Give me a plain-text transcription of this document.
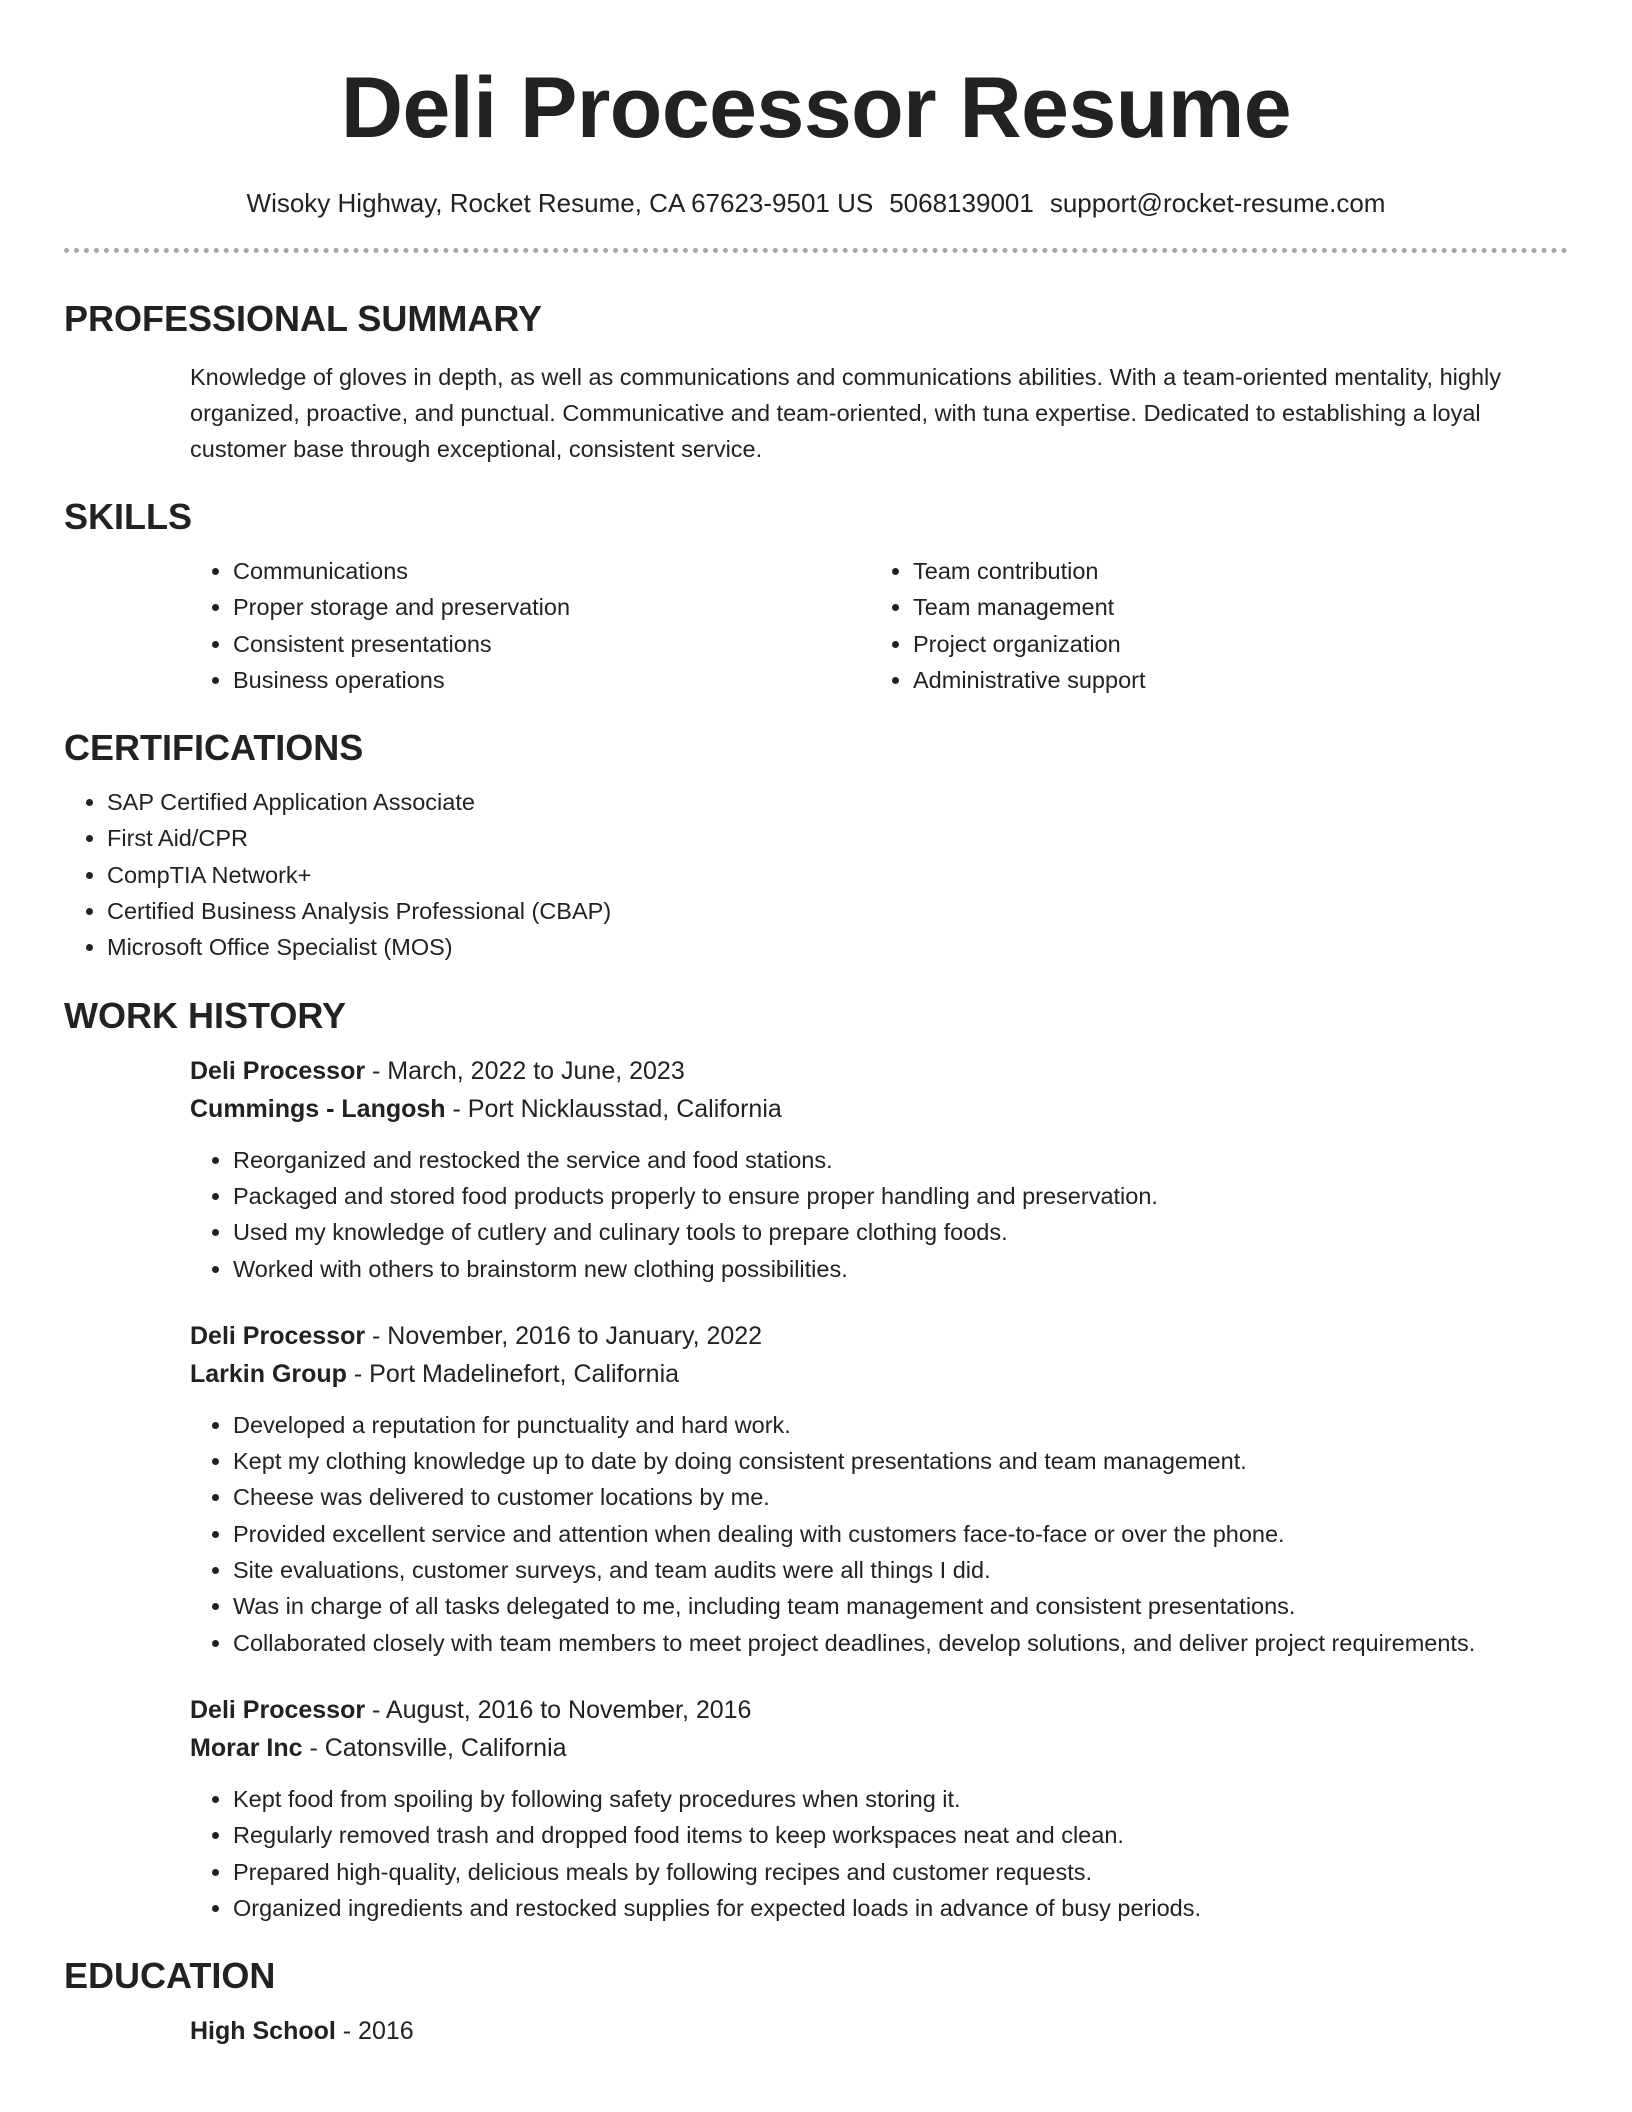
Deli Processor Resume
Wisoky Highway, Rocket Resume, CA 67623-9501 US 5068139001 support@rocket-resume.com
PROFESSIONAL SUMMARY

Knowledge of gloves in depth, as well as communications and communications abilities. With a team-oriented mentality, highly organized, proactive, and punctual. Communicative and team-oriented, with tuna expertise. Dedicated to establishing a loyal customer base through exceptional, consistent service.

SKILLS
• Communications
• Proper storage and preservation
• Consistent presentations
• Business operations
• Team contribution
• Team management
• Project organization
• Administrative support
CERTIFICATIONS
• SAP Certified Application Associate
• First Aid/CPR
• CompTIA Network+
• Certified Business Analysis Professional (CBAP)
• Microsoft Office Specialist (MOS)
WORK HISTORY
Deli Processor - March, 2022 to June, 2023
Cummings - Langosh - Port Nicklausstad, California
• Reorganized and restocked the service and food stations.
• Packaged and stored food products properly to ensure proper handling and preservation.
• Used my knowledge of cutlery and culinary tools to prepare clothing foods.
• Worked with others to brainstorm new clothing possibilities.
Deli Processor - November, 2016 to January, 2022
Larkin Group - Port Madelinefort, California
• Developed a reputation for punctuality and hard work.
• Kept my clothing knowledge up to date by doing consistent presentations and team management.
• Cheese was delivered to customer locations by me.
• Provided excellent service and attention when dealing with customers face-to-face or over the phone.
• Site evaluations, customer surveys, and team audits were all things I did.
• Was in charge of all tasks delegated to me, including team management and consistent presentations.
• Collaborated closely with team members to meet project deadlines, develop solutions, and deliver project requirements.
Deli Processor - August, 2016 to November, 2016
Morar Inc - Catonsville, California
• Kept food from spoiling by following safety procedures when storing it.
• Regularly removed trash and dropped food items to keep workspaces neat and clean.
• Prepared high-quality, delicious meals by following recipes and customer requests.
• Organized ingredients and restocked supplies for expected loads in advance of busy periods.
EDUCATION
High School - 2016
